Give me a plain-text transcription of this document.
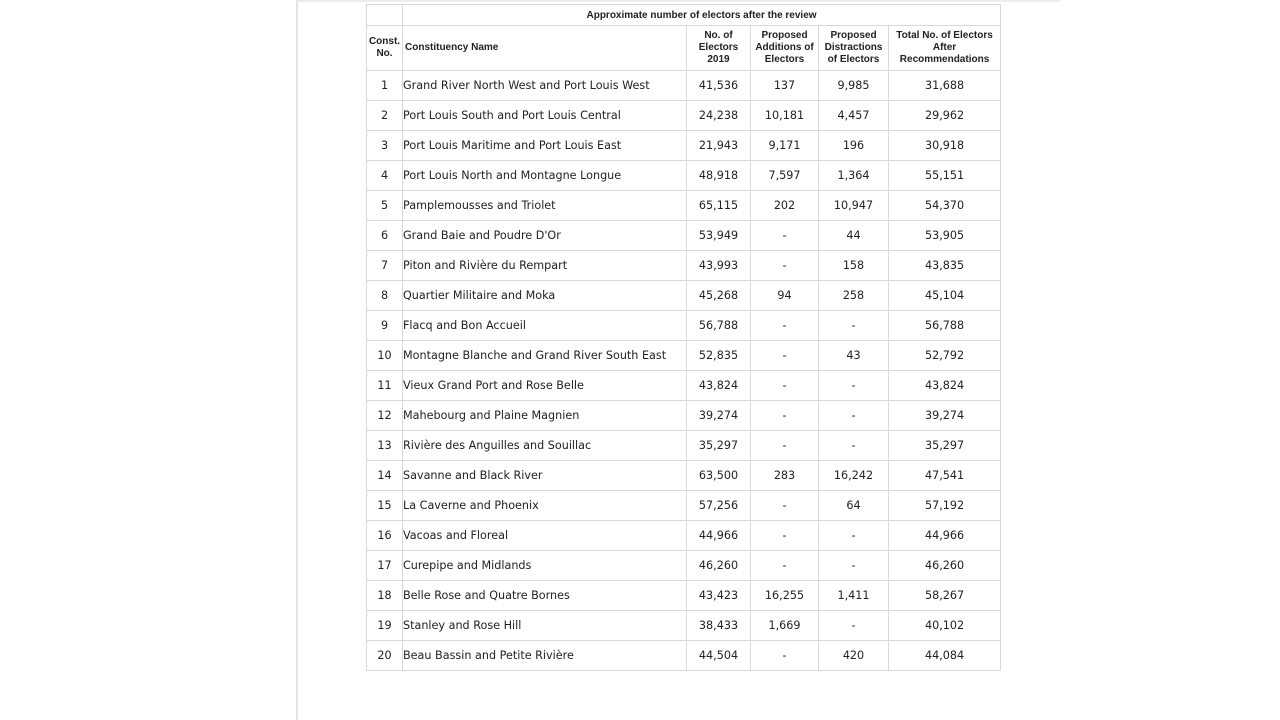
	Approximate number of electors after the review				
Const. No.	Constituency Name	No. of Electors 2019	Proposed Additions of Electors	Proposed Distractions of Electors	Total No. of Electors After Recommendations
1	Grand River North West and Port Louis West	41,536	137	9,985	31,688
2	Port Louis South and Port Louis Central	24,238	10,181	4,457	29,962
3	Port Louis Maritime and Port Louis East	21,943	9,171	196	30,918
4	Port Louis North and Montagne Longue	48,918	7,597	1,364	55,151
5	Pamplemousses and Triolet	65,115	202	10,947	54,370
6	Grand Baie and Poudre D'Or	53,949	-	44	53,905
7	Piton and Rivière du Rempart	43,993	-	158	43,835
8	Quartier Militaire and Moka	45,268	94	258	45,104
9	Flacq and Bon Accueil	56,788	-	-	56,788
10	Montagne Blanche and Grand River South East	52,835	-	43	52,792
11	Vieux Grand Port and Rose Belle	43,824	-	-	43,824
12	Mahebourg and Plaine Magnien	39,274	-	-	39,274
13	Rivière des Anguilles and Souillac	35,297	-	-	35,297
14	Savanne and Black River	63,500	283	16,242	47,541
15	La Caverne and Phoenix	57,256	-	64	57,192
16	Vacoas and Floreal	44,966	-	-	44,966
17	Curepipe and Midlands	46,260	-	-	46,260
18	Belle Rose and Quatre Bornes	43,423	16,255	1,411	58,267
19	Stanley and Rose Hill	38,433	1,669	-	40,102
20	Beau Bassin and Petite Rivière	44,504	-	420	44,084
